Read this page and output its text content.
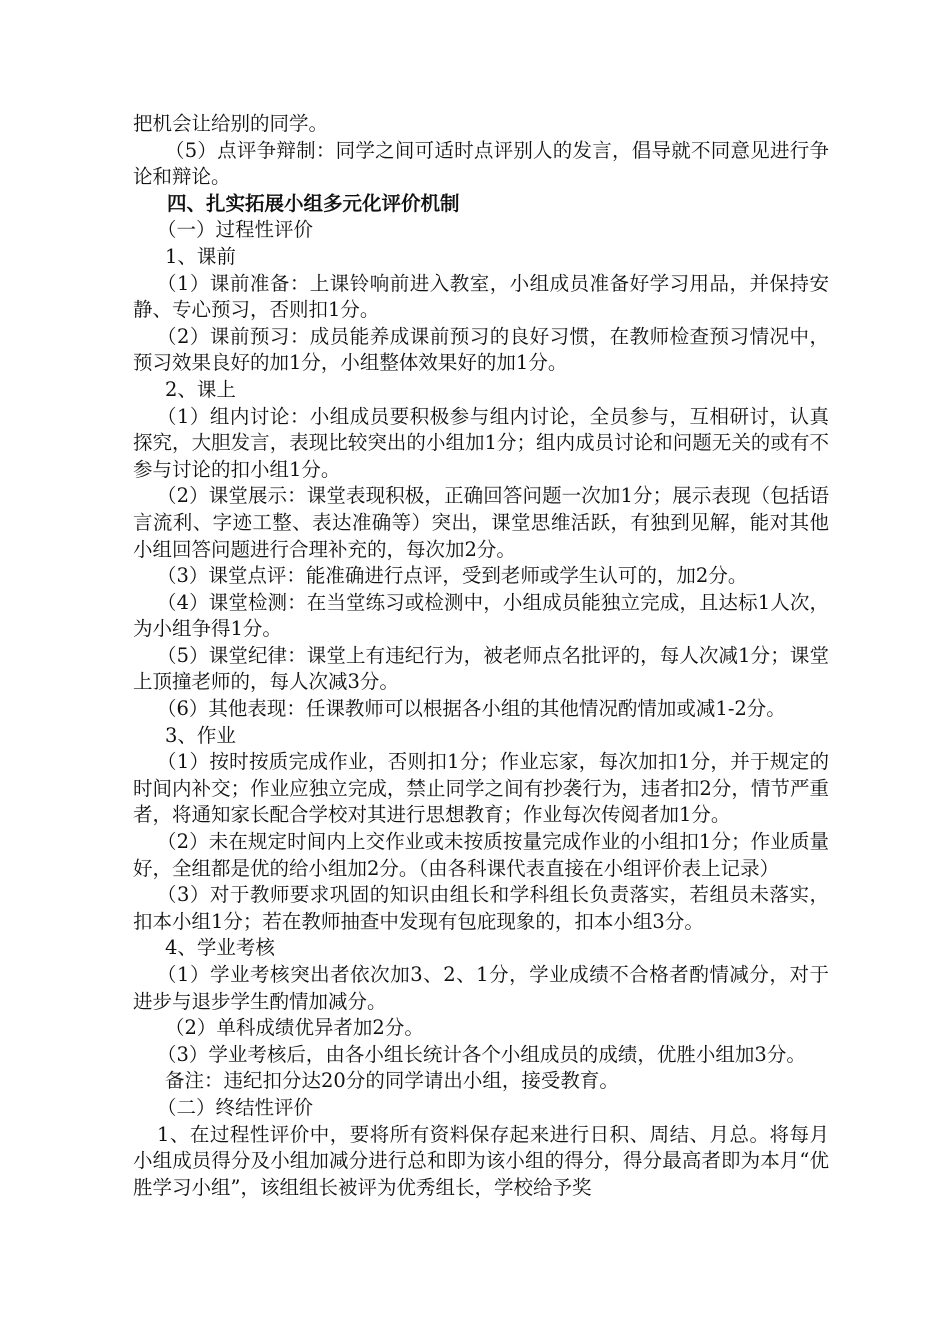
把机会让给别的同学。

（5）点评争辩制：同学之间可适时点评别人的发言，倡导就不同意见进行争论和辩论。

四、扎实拓展小组多元化评价机制

（一）过程性评价

1、课前

（1）课前准备：上课铃响前进入教室，小组成员准备好学习用品，并保持安静、专心预习，否则扣1分。

（2）课前预习：成员能养成课前预习的良好习惯，在教师检查预习情况中，预习效果良好的加1分，小组整体效果好的加1分。

2、课上

（1）组内讨论：小组成员要积极参与组内讨论，全员参与，互相研讨，认真探究，大胆发言，表现比较突出的小组加1分；组内成员讨论和问题无关的或有不参与讨论的扣小组1分。

（2）课堂展示：课堂表现积极，正确回答问题一次加1分；展示表现（包括语言流利、字迹工整、表达准确等）突出，课堂思维活跃，有独到见解，能对其他小组回答问题进行合理补充的，每次加2分。

（3）课堂点评：能准确进行点评，受到老师或学生认可的，加2分。

（4）课堂检测：在当堂练习或检测中，小组成员能独立完成，且达标1人次，为小组争得1分。

（5）课堂纪律：课堂上有违纪行为，被老师点名批评的，每人次减1分；课堂上顶撞老师的，每人次减3分。

（6）其他表现：任课教师可以根据各小组的其他情况酌情加或减1-2分。

3、作业

（1）按时按质完成作业，否则扣1分；作业忘家，每次加扣1分，并于规定的时间内补交；作业应独立完成，禁止同学之间有抄袭行为，违者扣2分，情节严重者，将通知家长配合学校对其进行思想教育；作业每次传阅者加1分。

（2）未在规定时间内上交作业或未按质按量完成作业的小组扣1分；作业质量好，全组都是优的给小组加2分。（由各科课代表直接在小组评价表上记录）

（3）对于教师要求巩固的知识由组长和学科组长负责落实，若组员未落实，扣本小组1分；若在教师抽查中发现有包庇现象的，扣本小组3分。

4、学业考核

（1）学业考核突出者依次加3、2、1分，学业成绩不合格者酌情减分，对于进步与退步学生酌情加减分。

（2）单科成绩优异者加2分。

（3）学业考核后，由各小组长统计各个小组成员的成绩，优胜小组加3分。

备注：违纪扣分达20分的同学请出小组，接受教育。

（二）终结性评价

1、在过程性评价中，要将所有资料保存起来进行日积、周结、月总。将每月小组成员得分及小组加减分进行总和即为该小组的得分，得分最高者即为本月“优胜学习小组”，该组组长被评为优秀组长，学校给予奖
